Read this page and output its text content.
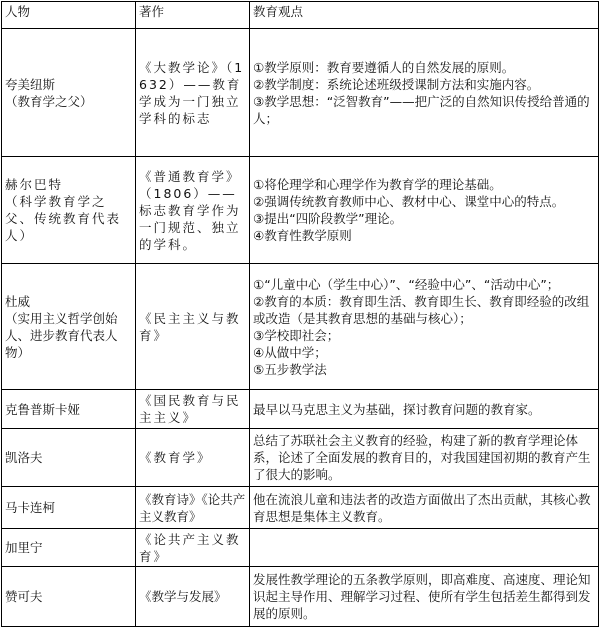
人物	著作	教育观点

夸美纽斯
（教育学之父）	《大教学论》（1632）——教育学成为一门独立学科的标志	①教学原则：教育要遵循人的自然发展的原则。
②教学制度：系统论述班级授课制方法和实施内容。
③教学思想：“泛智教育”——把广泛的自然知识传授给普通的人；

赫尔巴特
（科学教育学之父、传统教育代表人）	《普通教育学》（1806）——标志教育学作为一门规范、独立的学科。	①将伦理学和心理学作为教育学的理论基础。
②强调传统教育教师中心、教材中心、课堂中心的特点。
③提出“四阶段教学”理论。
④教育性教学原则

杜威
（实用主义哲学创始人、进步教育代表人物）	《民主主义与教育》	①“儿童中心（学生中心）”、“经验中心”、“活动中心”；
②教育的本质：教育即生活、教育即生长、教育即经验的改组或改造（是其教育思想的基础与核心）；
③学校即社会；
④从做中学；
⑤五步教学法

克鲁普斯卡娅	《国民教育与民主主义》	最早以马克思主义为基础，探讨教育问题的教育家。

凯洛夫	《教育学》	总结了苏联社会主义教育的经验，构建了新的教育学理论体系，论述了全面发展的教育目的，对我国建国初期的教育产生了很大的影响。

马卡连柯	《教育诗》《论共产主义教育》	他在流浪儿童和违法者的改造方面做出了杰出贡献，其核心教育思想是集体主义教育。

加里宁	《论共产主义教育》	

赞可夫	《教学与发展》	发展性教学理论的五条教学原则，即高难度、高速度、理论知识起主导作用、理解学习过程、使所有学生包括差生都得到发展的原则。
